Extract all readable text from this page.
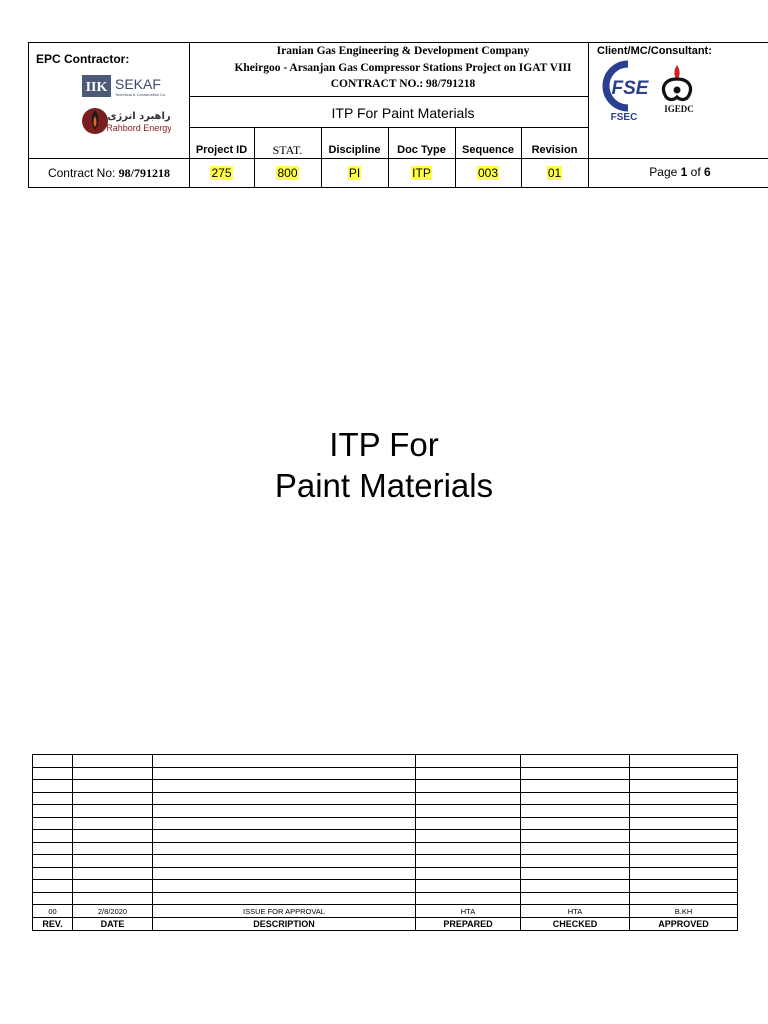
EPC Contractor:
Client/MC/Consultant:
IIK SEKAF
Technical & Construction Co.
راهبرد انرژی
Rahbord Energy
Iranian Gas Engineering & Development Company
Kheirgoo - Arsanjan Gas Compressor Stations Project on IGAT VIII
CONTRACT NO.: 98/791218
ITP For Paint Materials
Project ID	STAT.	Discipline	Doc Type	Sequence	Revision
Contract No: 98/791218	275	800	PI	ITP	003	01	Page 1 of 6
FSE
FSEC
IGEDC
ITP For
Paint Materials

00	2/8/2020	ISSUE FOR APPROVAL	HTA	HTA	B.KH
REV.	DATE	DESCRIPTION	PREPARED	CHECKED	APPROVED
